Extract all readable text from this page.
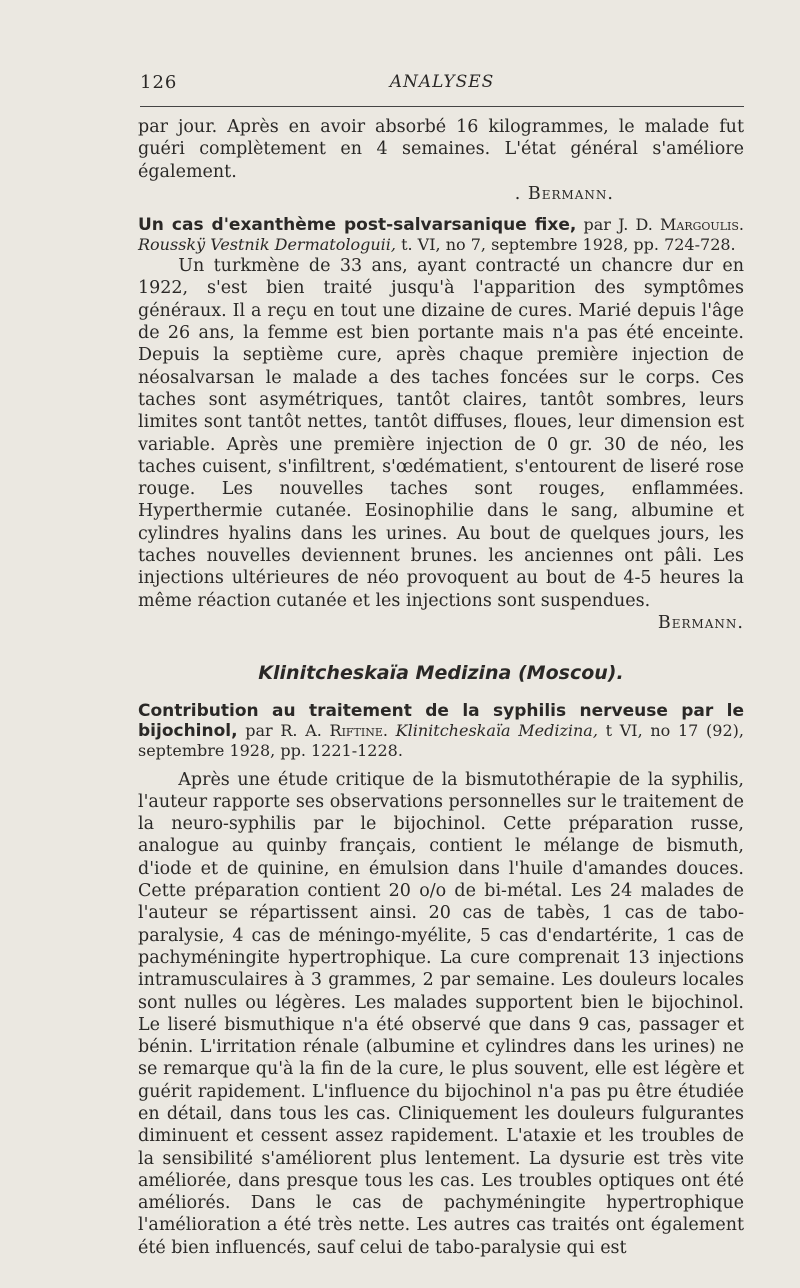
126	ANALYSES

par jour. Après en avoir absorbé 16 kilogrammes, le malade fut guéri complètement en 4 semaines. L'état général s'améliore également.

. Bermann.

Un cas d'exanthème post-salvarsanique fixe, par J. D. Margoulis. Rousskÿ Vestnik Dermatologuii, t. VI, no 7, septembre 1928, pp. 724-728.

Un turkmène de 33 ans, ayant contracté un chancre dur en 1922, s'est bien traité jusqu'à l'apparition des symptômes généraux. Il a reçu en tout une dizaine de cures. Marié depuis l'âge de 26 ans, la femme est bien portante mais n'a pas été enceinte. Depuis la septième cure, après chaque première injection de néosalvarsan le malade a des taches foncées sur le corps. Ces taches sont asymétriques, tantôt claires, tantôt sombres, leurs limites sont tantôt nettes, tantôt diffuses, floues, leur dimension est variable. Après une première injection de 0 gr. 30 de néo, les taches cuisent, s'infiltrent, s'œdématient, s'entourent de liseré rose rouge. Les nouvelles taches sont rouges, enflammées. Hyperthermie cutanée. Eosinophilie dans le sang, albumine et cylindres hyalins dans les urines. Au bout de quelques jours, les taches nouvelles deviennent brunes. les anciennes ont pâli. Les injections ultérieures de néo provoquent au bout de 4-5 heures la même réaction cutanée et les injections sont suspendues.
Bermann.

Klinitcheskaïa Medizina (Moscou).
Contribution au traitement de la syphilis nerveuse par le bijochinol, par R. A. Riftine. Klinitcheskaïa Medizina, t VI, no 17 (92), septembre 1928, pp. 1221-1228.

Après une étude critique de la bismutothérapie de la syphilis, l'auteur rapporte ses observations personnelles sur le traitement de la neuro-syphilis par le bijochinol. Cette préparation russe, analogue au quinby français, contient le mélange de bismuth, d'iode et de quinine, en émulsion dans l'huile d'amandes douces. Cette préparation contient 20 o/o de bi-métal. Les 24 malades de l'auteur se répartissent ainsi. 20 cas de tabès, 1 cas de tabo-paralysie, 4 cas de méningo-myélite, 5 cas d'endartérite, 1 cas de pachyméningite hypertrophique. La cure comprenait 13 injections intramusculaires à 3 grammes, 2 par semaine. Les douleurs locales sont nulles ou légères. Les malades supportent bien le bijochinol. Le liseré bismuthique n'a été observé que dans 9 cas, passager et bénin. L'irritation rénale (albumine et cylindres dans les urines) ne se remarque qu'à la fin de la cure, le plus souvent, elle est légère et guérit rapidement. L'influence du bijochinol n'a pas pu être étudiée en détail, dans tous les cas. Cliniquement les douleurs fulgurantes diminuent et cessent assez rapidement. L'ataxie et les troubles de la sensibilité s'améliorent plus lentement. La dysurie est très vite améliorée, dans presque tous les cas. Les troubles optiques ont été améliorés. Dans le cas de pachyméningite hypertrophique l'amélioration a été très nette. Les autres cas traités ont également été bien influencés, sauf celui de tabo-paralysie qui est
